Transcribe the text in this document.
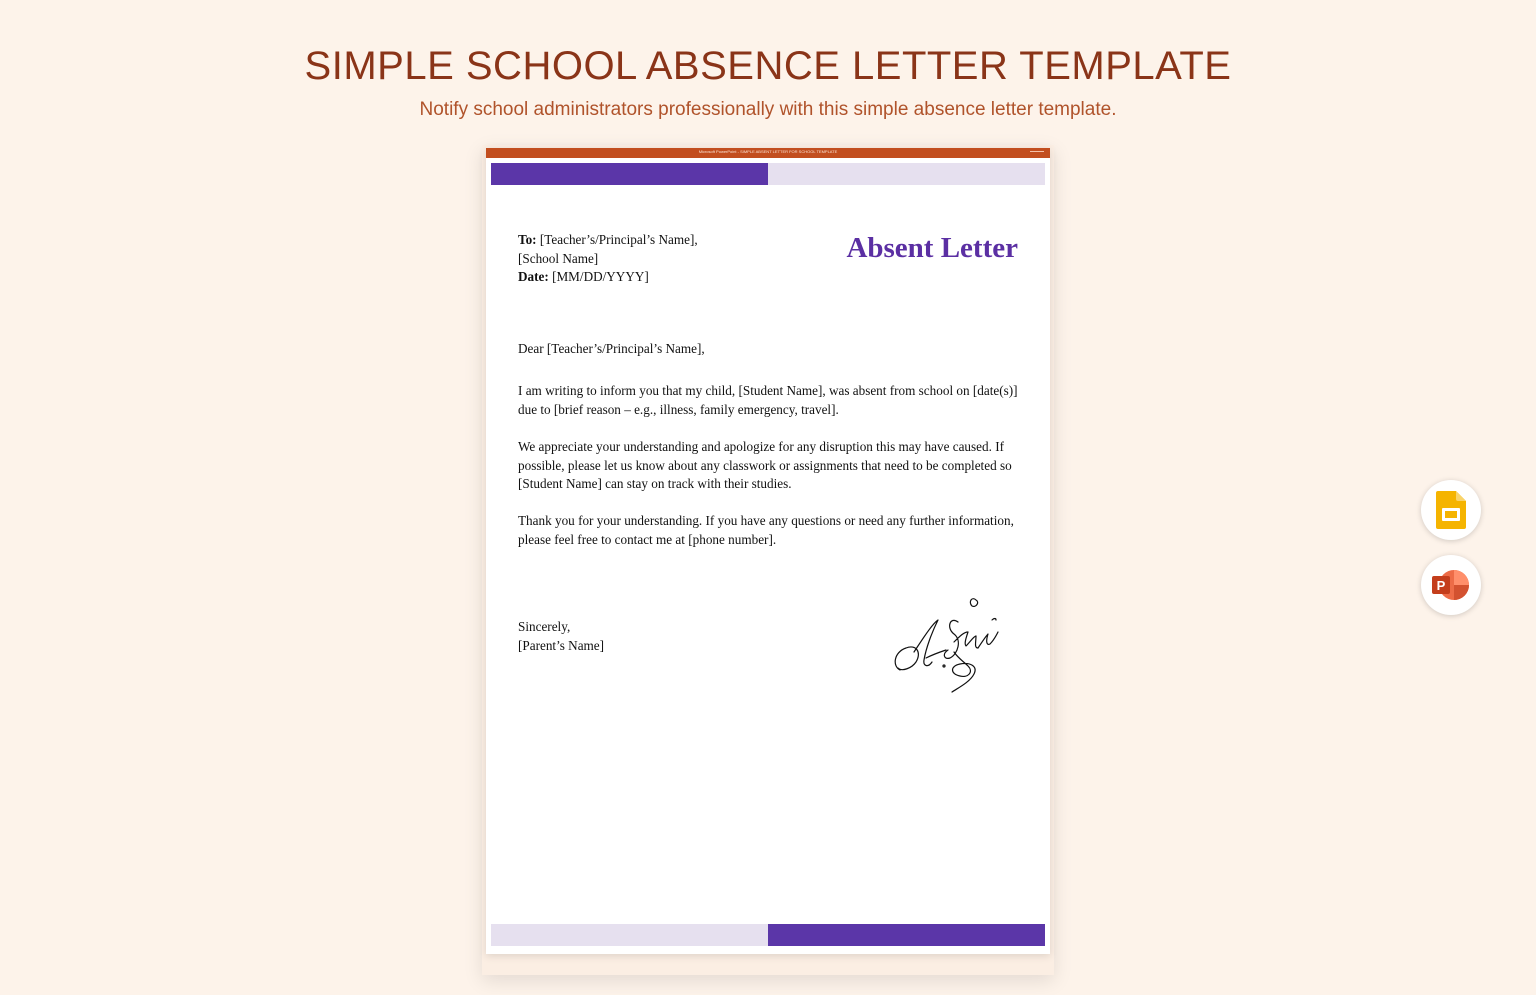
SIMPLE SCHOOL ABSENCE LETTER TEMPLATE
Notify school administrators professionally with this simple absence letter template.
Microsoft PowerPoint - SIMPLE ABSENT LETTER FOR SCHOOL TEMPLATE
To: [Teacher’s/Principal’s Name],
[School Name]
Date: [MM/DD/YYYY]
Absent Letter
Dear [Teacher’s/Principal’s Name],
I am writing to inform you that my child, [Student Name], was absent from school on [date(s)] due to [brief reason – e.g., illness, family emergency, travel].
We appreciate your understanding and apologize for any disruption this may have caused. If possible, please let us know about any classwork or assignments that need to be completed so [Student Name] can stay on track with their studies.
Thank you for your understanding. If you have any questions or need any further information, please feel free to contact me at [phone number].
Sincerely,
[Parent’s Name]
P
